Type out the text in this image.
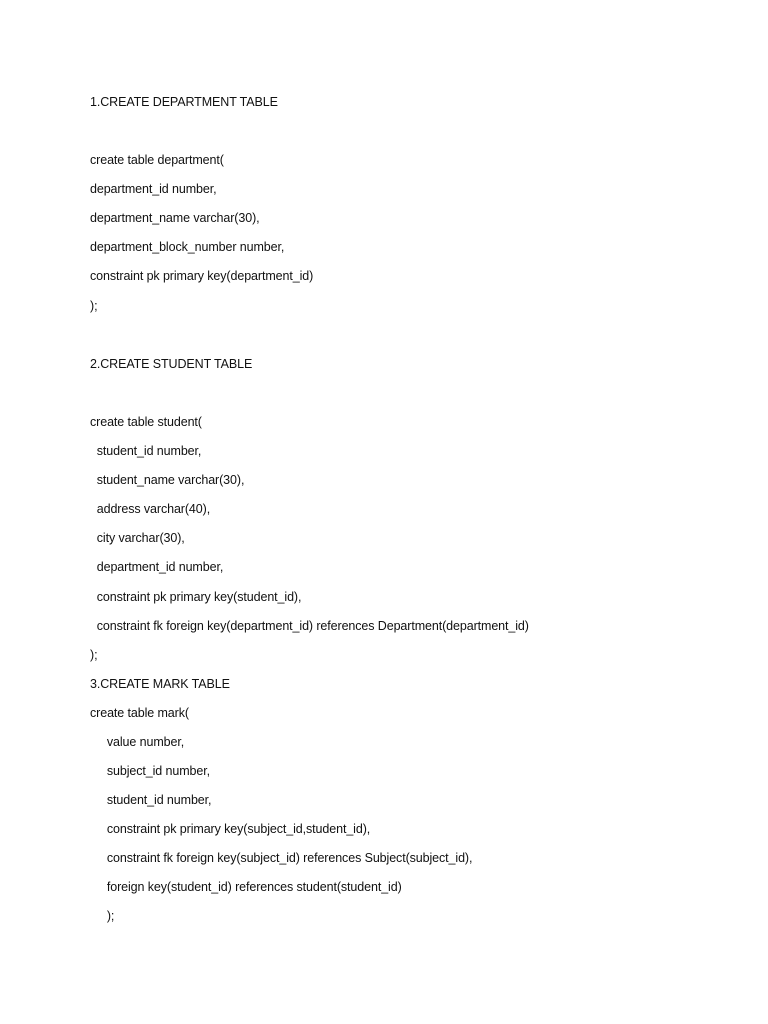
1.CREATE DEPARTMENT TABLE
create table department(
department_id number,
department_name varchar(30),
department_block_number number,
constraint pk primary key(department_id)
);
2.CREATE STUDENT TABLE
create table student(
student_id number,
student_name varchar(30),
address varchar(40),
city varchar(30),
department_id number,
constraint pk primary key(student_id),
constraint fk foreign key(department_id) references Department(department_id)
);
3.CREATE MARK TABLE
create table mark(
value number,
subject_id number,
student_id number,
constraint pk primary key(subject_id,student_id),
constraint fk foreign key(subject_id) references Subject(subject_id),
foreign key(student_id) references student(student_id)
);
